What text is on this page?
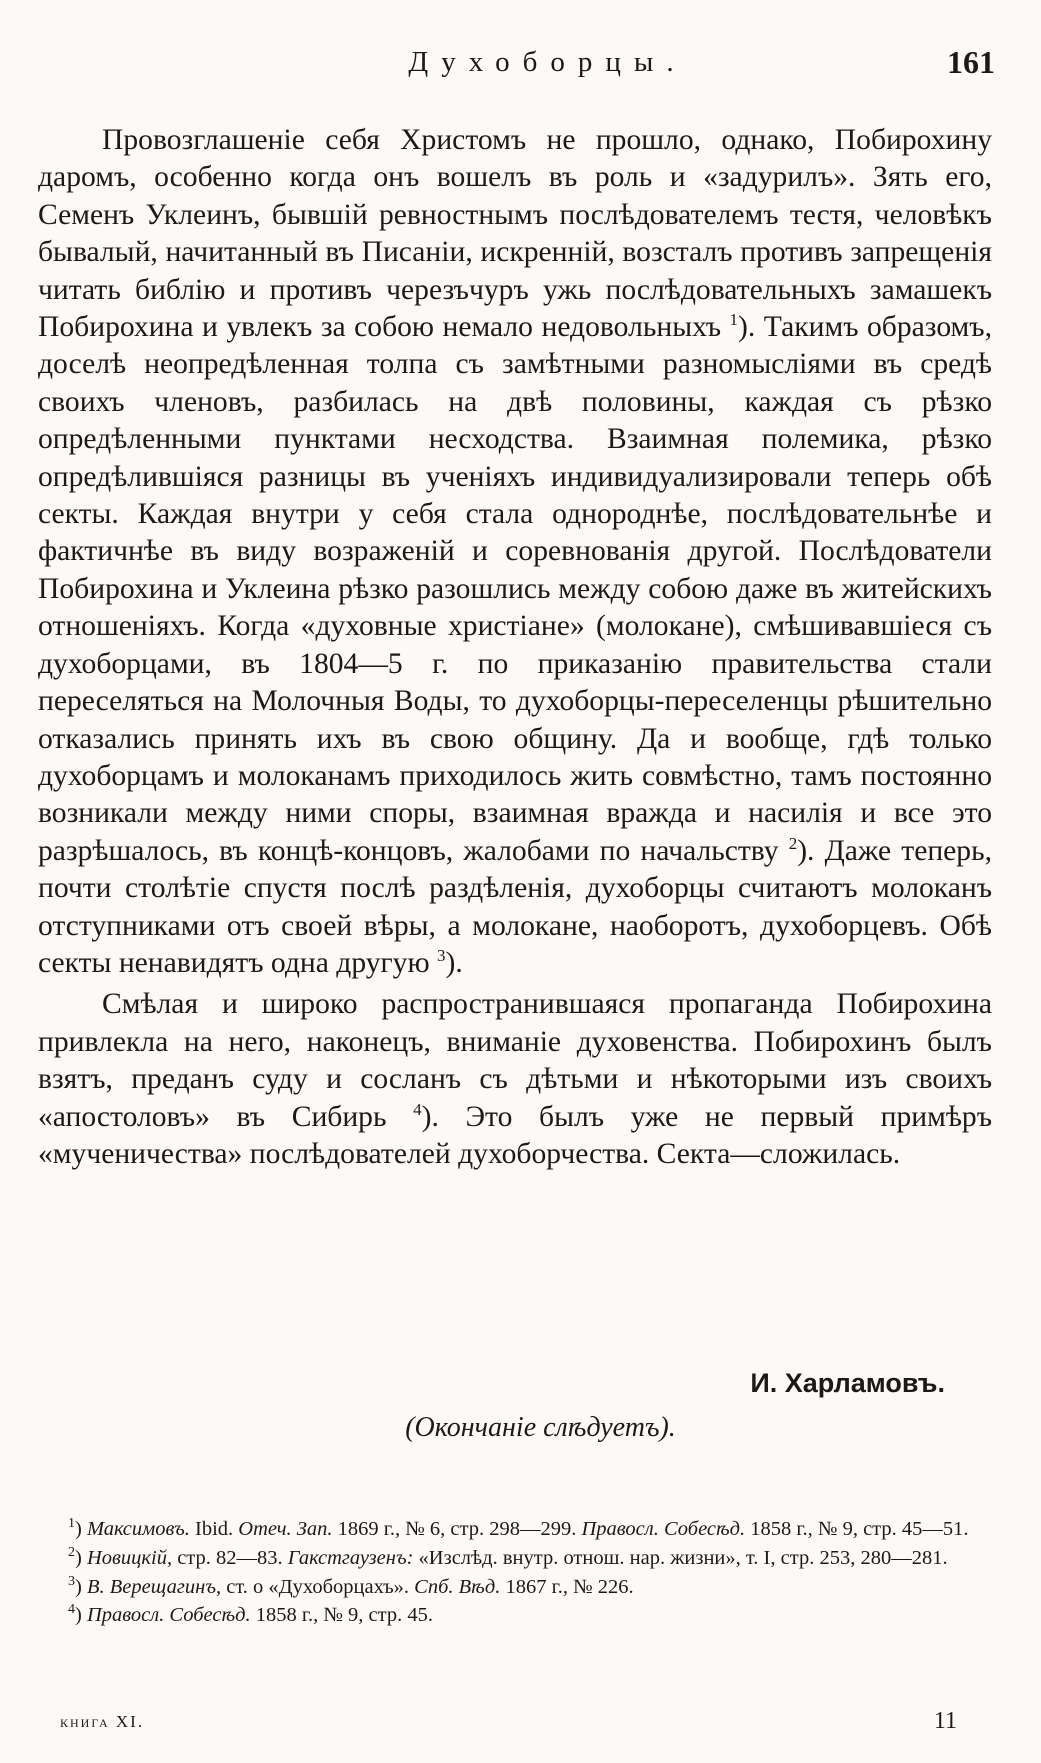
Духоборцы.	161

Провозглашеніе себя Христомъ не прошло, однако, Побирохину даромъ, особенно когда онъ вошелъ въ роль и «задурилъ». Зять его, Семенъ Уклеинъ, бывшій ревностнымъ послѣдователемъ тестя, человѣкъ бывалый, начитанный въ Писаніи, искренній, возсталъ противъ запрещенія читать библію и противъ черезъчуръ ужь послѣдовательныхъ замашекъ Побирохина и увлекъ за собою немало недовольныхъ $^1$). Такимъ образомъ, доселѣ неопредѣленная толпа съ замѣтными разномысліями въ средѣ своихъ членовъ, разбилась на двѣ половины, каждая съ рѣзко опредѣленными пунктами несходства. Взаимная полемика, рѣзко опредѣлившіяся разницы въ ученіяхъ индивидуализировали теперь обѣ секты. Каждая внутри у себя стала однороднѣе, послѣдовательнѣе и фактичнѣе въ виду возраженій и соревнованія другой. Послѣдователи Побирохина и Уклеина рѣзко разошлись между собою даже въ житейскихъ отношеніяхъ. Когда «духовные христіане» (молокане), смѣшивавшіеся съ духоборцами, въ 1804—5 г. по приказанію правительства стали переселяться на Молочныя Воды, то духоборцы-переселенцы рѣшительно отказались принять ихъ въ свою общину. Да и вообще, гдѣ только духоборцамъ и молоканамъ приходилось жить совмѣстно, тамъ постоянно возникали между ними споры, взаимная вражда и насилія и все это разрѣшалось, въ концѣ-концовъ, жалобами по начальству $^2$). Даже теперь, почти столѣтіе спустя послѣ раздѣленія, духоборцы считаютъ молоканъ отступниками отъ своей вѣры, а молокане, наоборотъ, духоборцевъ. Обѣ секты ненавидятъ одна другую $^3$).

Смѣлая и широко распространившаяся пропаганда Побирохина привлекла на него, наконецъ, вниманіе духовенства. Побирохинъ былъ взятъ, преданъ суду и сосланъ съ дѣтьми и нѣкоторыми изъ своихъ «апостоловъ» въ Сибирь $^4$). Это былъ уже не первый примѣръ «мученичества» послѣдователей духоборчества. Секта—сложилась.

И. Харламовъ.
(Окончаніе слѣдуетъ).

$^1$) Максимовъ. Ibid. Отеч. Зап. 1869 г., № 6, стр. 298—299. Правосл. Собесѣд. 1858 г., № 9, стр. 45—51.

$^2$) Новицкій, стр. 82—83. Гакстгаузенъ: «Изслѣд. внутр. отнош. нар. жизни», т. I, стр. 253, 280—281.

$^3$) В. Верещагинъ, ст. о «Духоборцахъ». Спб. Вѣд. 1867 г., № 226.

$^4$) Правосл. Собесѣд. 1858 г., № 9, стр. 45.

книга XI.	11
